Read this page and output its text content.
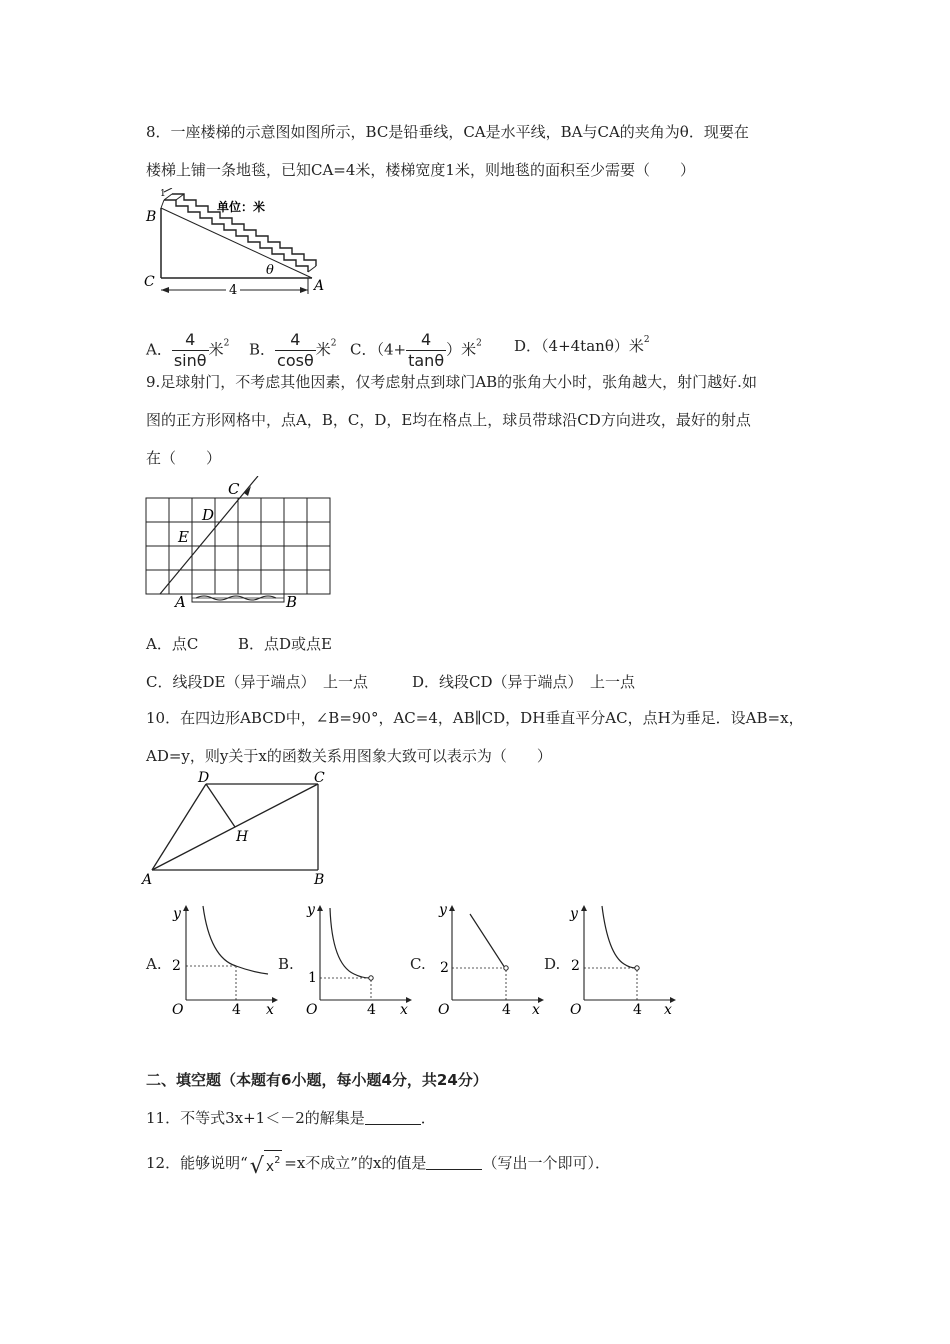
8．一座楼梯的示意图如图所示，BC是铅垂线，CA是水平线，BA与CA的夹角为θ．现要在
楼梯上铺一条地毯，已知CA=4米，楼梯宽度1米，则地毯的面积至少需要（　　）
1
单位：米
B
C	A
θ
4
A． $\frac{4}{\sin\theta}$ 米$^2$ B． $\frac{4}{\cos\theta}$ 米$^2$ C．（$4+ \frac{4}{\tan\theta}$ ）米$^2$ D．（4+4tanθ）米$^2$
9.足球射门，不考虑其他因素，仅考虑射点到球门AB的张角大小时，张角越大，射门越好.如
图的正方形网格中，点A，B，C，D，E均在格点上，球员带球沿CD方向进攻，最好的射点
在（　　）
C
D
E
A	B
A．点C	B．点D或点E
C．线段DE（异于端点）　上一点	D．线段CD（异于端点）　上一点
10．在四边形ABCD中，∠B=90°，AC=4，AB∥CD，DH垂直平分AC，点H为垂足．设AB=x，
AD=y，则y关于x的函数关系用图象大致可以表示为（　　）
D	C
H
A	B
A.
y
2
O	4 x
B.
y
1
O	4 x
C.
y
2
O	4 x
D.
y
2
O	4 x
二、填空题（本题有6小题，每小题4分，共24分）
11．不等式3x+1＜－2的解集是	．
12．能够说明“√ $x^2 =x$不成立”的x的值是	（写出一个即可）．
